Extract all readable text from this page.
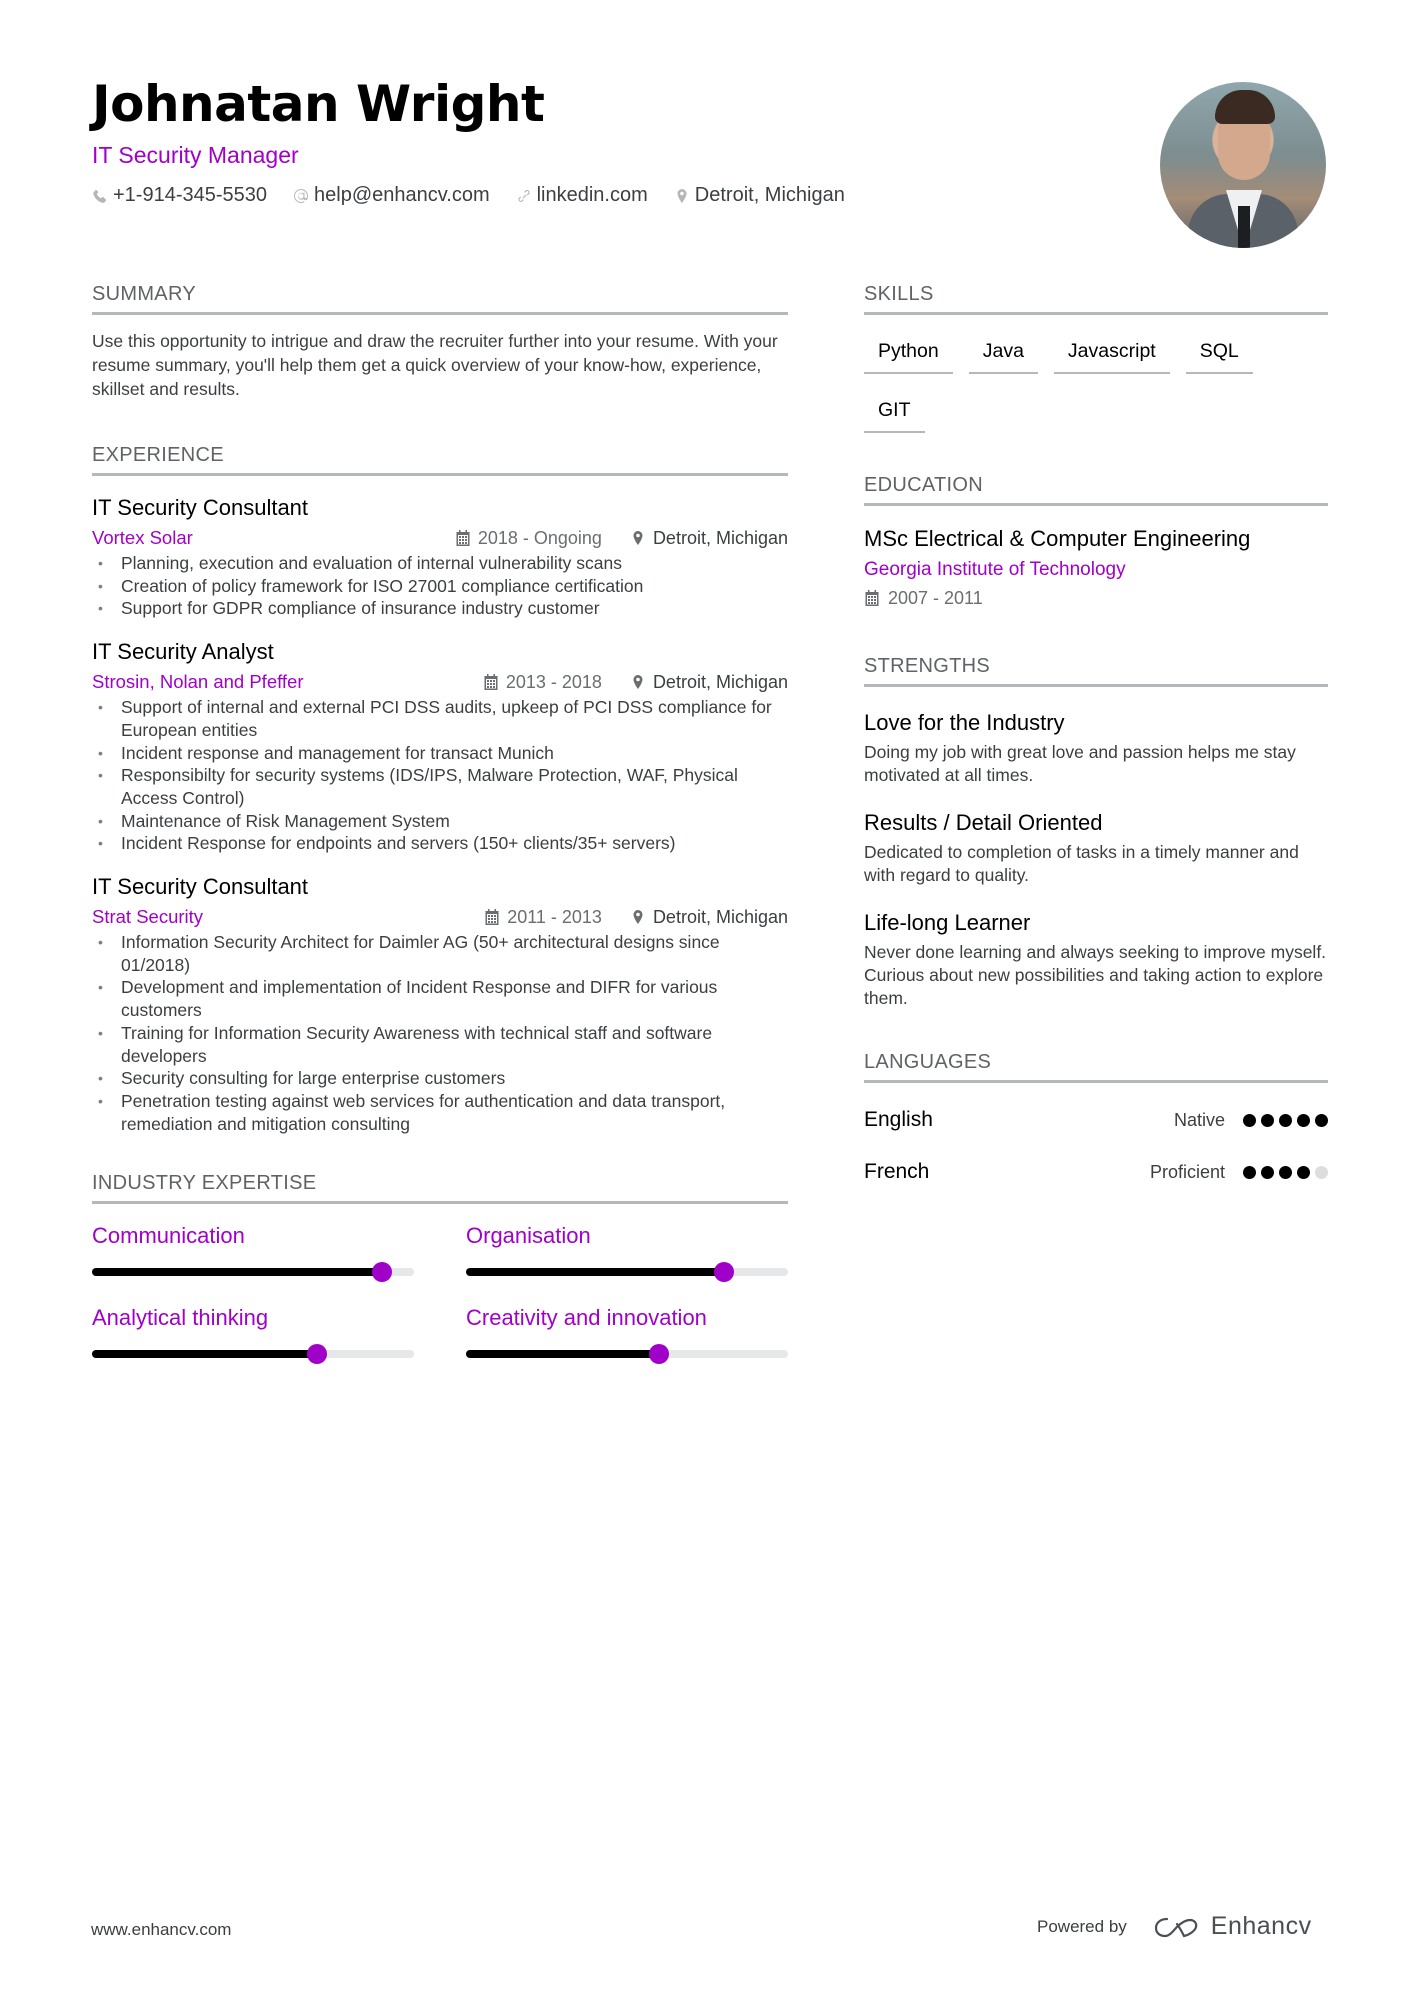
Johnatan Wright
IT Security Manager
+1-914-345-5530 help@enhancv.com linkedin.com Detroit, Michigan
SUMMARY

Use this opportunity to intrigue and draw the recruiter further into your resume. With your resume summary, you'll help them get a quick overview of your know-how, experience, skillset and results.

EXPERIENCE
IT Security Consultant
Vortex Solar	2018 - Ongoing	Detroit, Michigan
• Planning, execution and evaluation of internal vulnerability scans
• Creation of policy framework for ISO 27001 compliance certification
• Support for GDPR compliance of insurance industry customer
IT Security Analyst
Strosin, Nolan and Pfeffer	2013 - 2018	Detroit, Michigan
• Support of internal and external PCI DSS audits, upkeep of PCI DSS compliance for European entities
• Incident response and management for transact Munich
• Responsibilty for security systems (IDS/IPS, Malware Protection, WAF, Physical Access Control)
• Maintenance of Risk Management System
• Incident Response for endpoints and servers (150+ clients/35+ servers)
IT Security Consultant
Strat Security	2011 - 2013	Detroit, Michigan
• Information Security Architect for Daimler AG (50+ architectural designs since 01/2018)
• Development and implementation of Incident Response and DIFR for various customers
• Training for Information Security Awareness with technical staff and software developers
• Security consulting for large enterprise customers
• Penetration testing against web services for authentication and data transport, remediation and mitigation consulting
INDUSTRY EXPERTISE
Communication	Organisation
Analytical thinking	Creativity and innovation
SKILLS
Python	Java	Javascript	SQL
GIT
EDUCATION
MSc Electrical & Computer Engineering
Georgia Institute of Technology
2007 - 2011
STRENGTHS
Love for the Industry
Doing my job with great love and passion helps me stay motivated at all times.
Results / Detail Oriented
Dedicated to completion of tasks in a timely manner and with regard to quality.
Life-long Learner
Never done learning and always seeking to improve myself. Curious about new possibilities and taking action to explore them.
LANGUAGES
English	Native
French	Proficient
www.enhancv.com	Powered by	Enhancv
